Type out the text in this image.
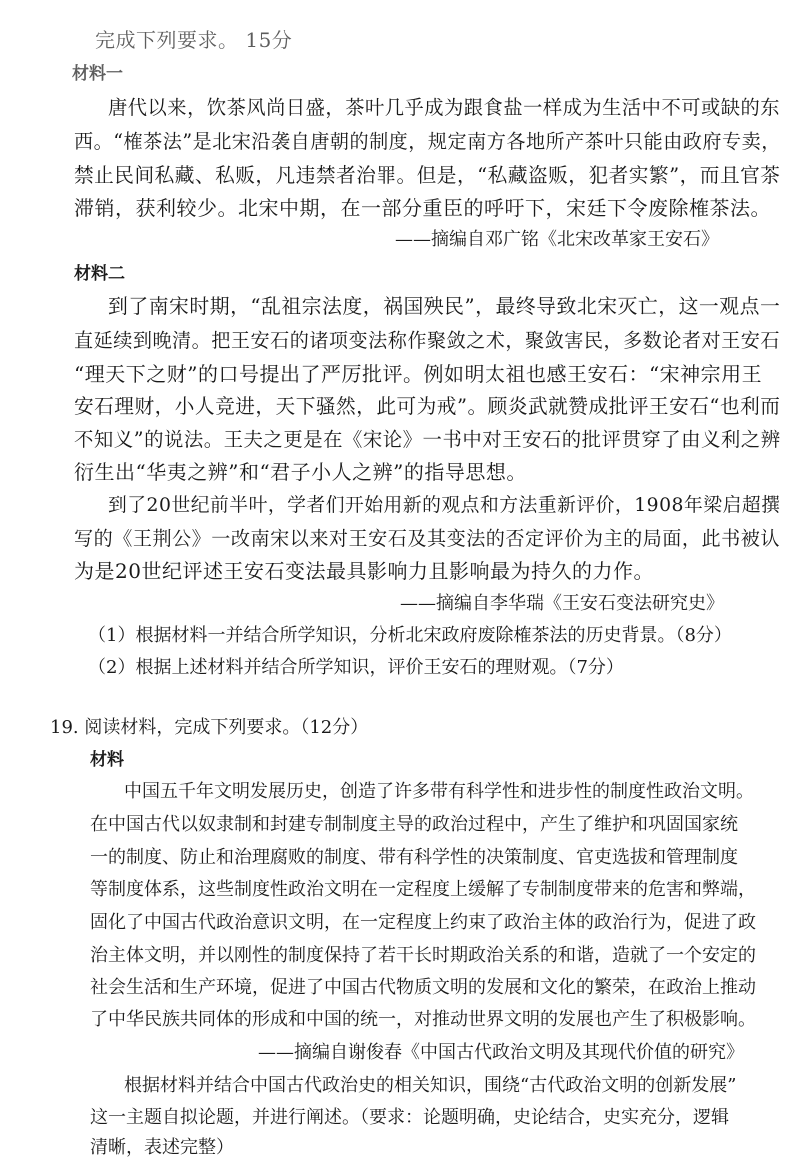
完成下列要求。 15分
材料一
唐代以来，饮茶风尚日盛，茶叶几乎成为跟食盐一样成为生活中不可或缺的东
西。“榷茶法”是北宋沿袭自唐朝的制度，规定南方各地所产茶叶只能由政府专卖，
禁止民间私藏、私贩，凡违禁者治罪。但是，“私藏盗贩，犯者实繁”，而且官茶
滞销，获利较少。北宋中期，在一部分重臣的呼吁下，宋廷下令废除榷茶法。
——摘编自邓广铭《北宋改革家王安石》
材料二
到了南宋时期，“乱祖宗法度，祸国殃民”，最终导致北宋灭亡，这一观点一
直延续到晚清。把王安石的诸项变法称作聚敛之术，聚敛害民，多数论者对王安石
“理天下之财”的口号提出了严厉批评。例如明太祖也感王安石：“宋神宗用王
安石理财，小人竞进，天下骚然，此可为戒”。顾炎武就赞成批评王安石“也利而
不知义”的说法。王夫之更是在《宋论》一书中对王安石的批评贯穿了由义利之辨
衍生出“华夷之辨”和“君子小人之辨”的指导思想。
到了20世纪前半叶，学者们开始用新的观点和方法重新评价，1908年梁启超撰
写的《王荆公》一改南宋以来对王安石及其变法的否定评价为主的局面，此书被认
为是20世纪评述王安石变法最具影响力且影响最为持久的力作。
——摘编自李华瑞《王安石变法研究史》
（1）根据材料一并结合所学知识，分析北宋政府废除榷茶法的历史背景。（8分）
（2）根据上述材料并结合所学知识，评价王安石的理财观。（7分）
19. 阅读材料，完成下列要求。（12分）
材料
中国五千年文明发展历史，创造了许多带有科学性和进步性的制度性政治文明。
在中国古代以奴隶制和封建专制制度主导的政治过程中，产生了维护和巩固国家统
一的制度、防止和治理腐败的制度、带有科学性的决策制度、官吏选拔和管理制度
等制度体系，这些制度性政治文明在一定程度上缓解了专制制度带来的危害和弊端，
固化了中国古代政治意识文明，在一定程度上约束了政治主体的政治行为，促进了政
治主体文明，并以刚性的制度保持了若干长时期政治关系的和谐，造就了一个安定的
社会生活和生产环境，促进了中国古代物质文明的发展和文化的繁荣，在政治上推动
了中华民族共同体的形成和中国的统一，对推动世界文明的发展也产生了积极影响。
——摘编自谢俊春《中国古代政治文明及其现代价值的研究》
根据材料并结合中国古代政治史的相关知识，围绕“古代政治文明的创新发展”
这一主题自拟论题，并进行阐述。（要求：论题明确，史论结合，史实充分，逻辑
清晰，表述完整）
